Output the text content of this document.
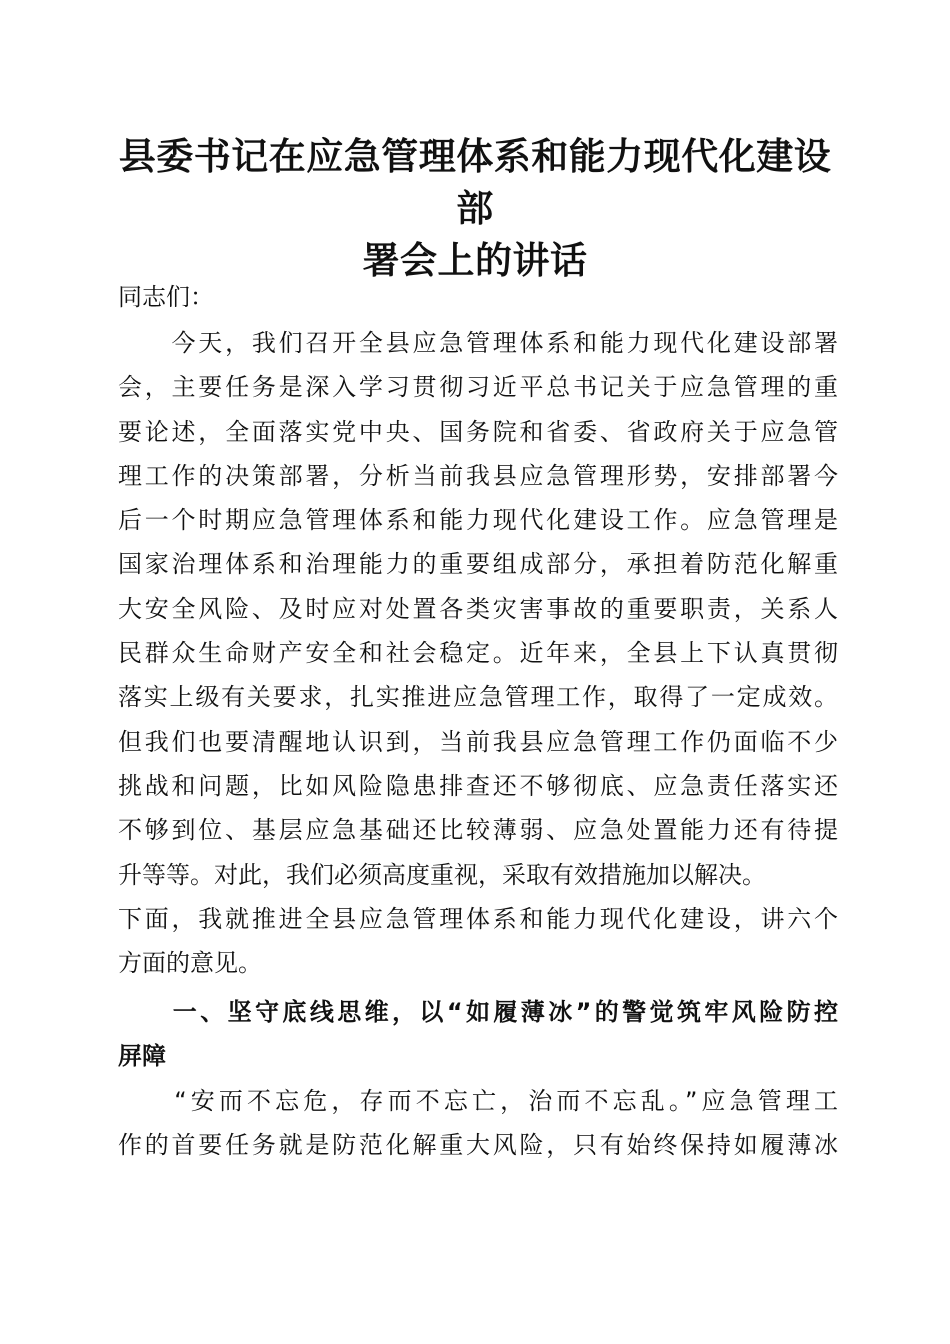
县委书记在应急管理体系和能力现代化建设部
署会上的讲话

同志们：

　　今天，我们召开全县应急管理体系和能力现代化建设部署
会，主要任务是深入学习贯彻习近平总书记关于应急管理的重
要论述，全面落实党中央、国务院和省委、省政府关于应急管
理工作的决策部署，分析当前我县应急管理形势，安排部署今
后一个时期应急管理体系和能力现代化建设工作。应急管理是
国家治理体系和治理能力的重要组成部分，承担着防范化解重
大安全风险、及时应对处置各类灾害事故的重要职责，关系人
民群众生命财产安全和社会稳定。近年来，全县上下认真贯彻
落实上级有关要求，扎实推进应急管理工作，取得了一定成效。
但我们也要清醒地认识到，当前我县应急管理工作仍面临不少
挑战和问题，比如风险隐患排查还不够彻底、应急责任落实还
不够到位、基层应急基础还比较薄弱、应急处置能力还有待提
升等等。对此，我们必须高度重视，采取有效措施加以解决。
下面，我就推进全县应急管理体系和能力现代化建设，讲六个
方面的意见。
　　一、坚守底线思维，以“如履薄冰”的警觉筑牢风险防控
屏障
　　“安而不忘危，存而不忘亡，治而不忘乱。”应急管理工
作的首要任务就是防范化解重大风险，只有始终保持如履薄冰
